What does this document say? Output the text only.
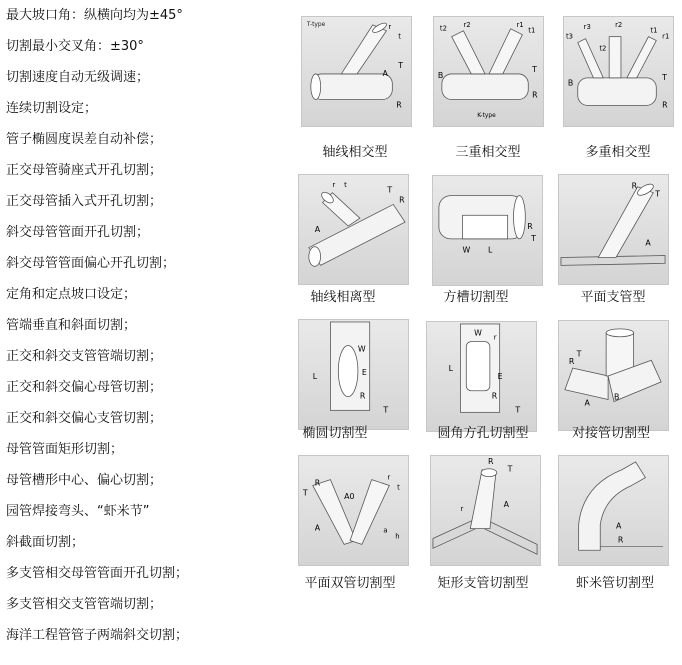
最大坡口角：纵横向均为±45°
切割最小交叉角：±30°
切割速度自动无级调速；
连续切割设定；
管子椭圆度误差自动补偿；
正交母管骑座式开孔切割；
正交母管插入式开孔切割；
斜交母管管面开孔切割；
斜交母管管面偏心开孔切割；
定角和定点坡口设定；
管端垂直和斜面切割；
正交和斜交支管管端切割；
正交和斜交偏心母管切割；
正交和斜交偏心支管切割；
母管管面矩形切割；
母管槽形中心、偏心切割；
园管焊接弯头、“虾米节”
斜截面切割；
多支管相交母管管面开孔切割；
多支管相交支管管端切割；
海洋工程管管子两端斜交切割；
T-type	r
t
T
R
A
轴线相交型
t2 r2	r1
t1
B
T
R
K-type
三重相交型
t3
r3
t2
r2
t1
r1
B
T
R
多重相交型
T
R
A
r t
轴线相离型
W L
R
T
方槽切割型
R
T
A
平面支管型
W
E
L
R
T
椭圆切割型
W r
E
L
R
T
圆角方孔切割型
R
T
B
A
对接管切割型
T
R
A0
r
t
A	a
h
平面双管切割型
R
T
A
r
矩形支管切割型
A
R
虾米管切割型
